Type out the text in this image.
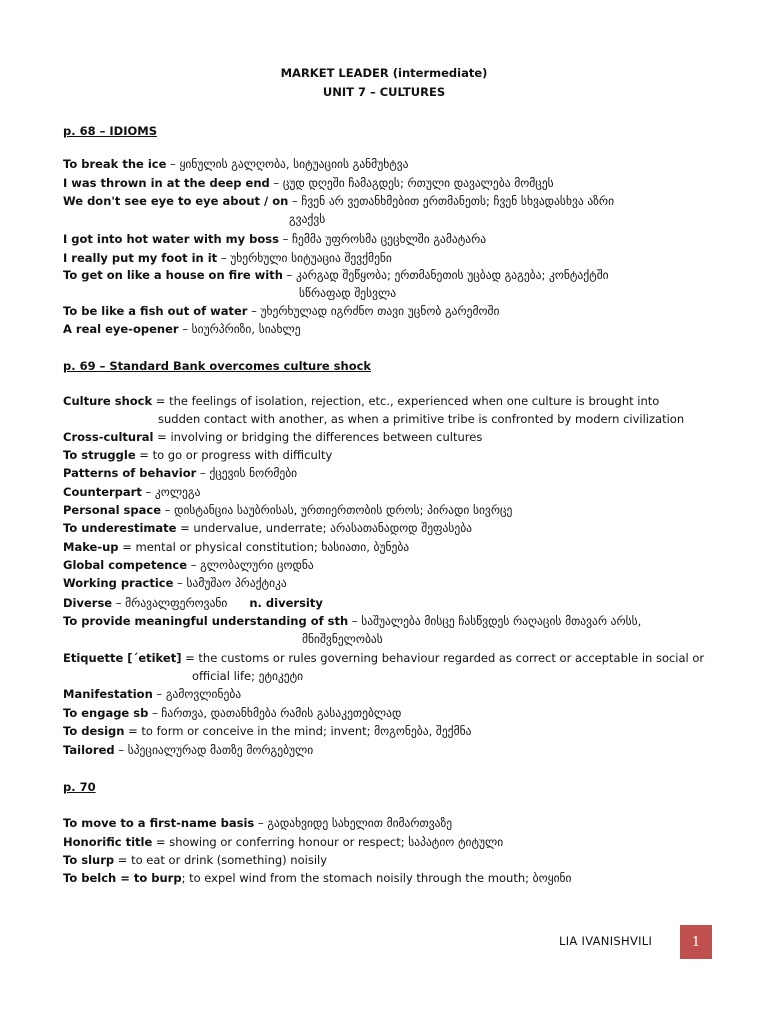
MARKET LEADER (intermediate)
UNIT 7 – CULTURES
p. 68 – IDIOMS
To break the ice – ყინულის გალღობა, სიტუაციის განმუხტვა
I was thrown in at the deep end – ცუდ დღეში ჩამაგდეს; რთული დავალება მომცეს
We don't see eye to eye about / on – ჩვენ არ ვეთანხმებით ერთმანეთს; ჩვენ სხვადასხვა აზრი
გვაქვს
I got into hot water with my boss – ჩემმა უფროსმა ცეცხლში გამატარა
I really put my foot in it – უხერხული სიტუაცია შევქმენი
To get on like a house on fire with – კარგად შეწყობა; ერთმანეთის უცბად გაგება; კონტაქტში
სწრაფად შესვლა
To be like a fish out of water – უხერხულად იგრძნო თავი უცნობ გარემოში
A real eye-opener – სიურპრიზი, სიახლე
p. 69 – Standard Bank overcomes culture shock
Culture shock = the feelings of isolation, rejection, etc., experienced when one culture is brought into
sudden contact with another, as when a primitive tribe is confronted by modern civilization
Cross-cultural = involving or bridging the differences between cultures
To struggle = to go or progress with difficulty
Patterns of behavior – ქცევის ნორმები
Counterpart – კოლეგა
Personal space – დისტანცია საუბრისას, ურთიერთობის დროს; პირადი სივრცე
To underestimate = undervalue, underrate; არასათანადოდ შეფასება
Make-up = mental or physical constitution; ხასიათი, ბუნება
Global competence – გლობალური ცოდნა
Working practice – სამუშაო პრაქტიკა
Diverse – მრავალფეროვანი n. diversity
To provide meaningful understanding of sth – საშუალება მისცე ჩასწვდეს რაღაცის მთავარ არსს,
მნიშვნელობას
Etiquette [´etiket] = the customs or rules governing behaviour regarded as correct or acceptable in social or
official life; ეტიკეტი
Manifestation – გამოვლინება
To engage sb – ჩართვა, დათანხმება რამის გასაკეთებლად
To design = to form or conceive in the mind; invent; მოგონება, შექმნა
Tailored – სპეციალურად მათზე მორგებული
p. 70
To move to a first-name basis – გადახვიდე სახელით მიმართვაზე
Honorific title = showing or conferring honour or respect; საპატიო ტიტული
To slurp = to eat or drink (something) noisily
To belch = to burp; to expel wind from the stomach noisily through the mouth; ბოყინი
LIA IVANISHVILI	1
